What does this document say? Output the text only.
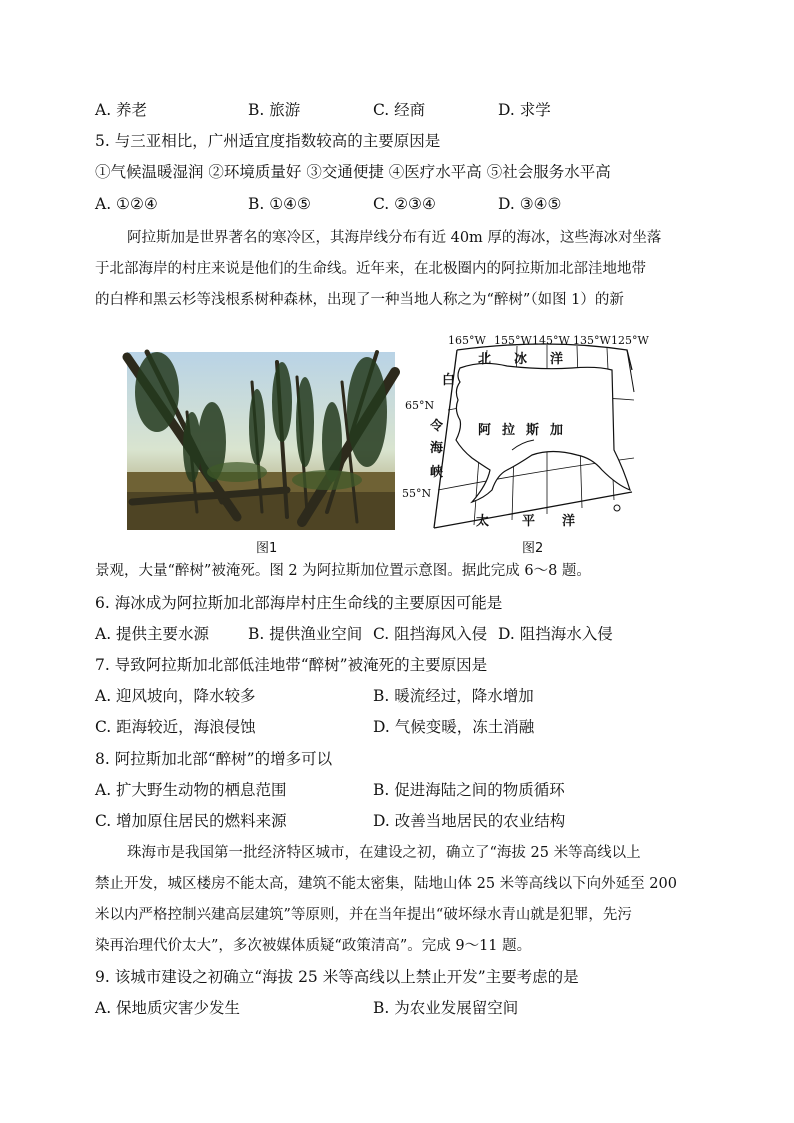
A. 养老	B. 旅游	C. 经商	D. 求学
5. 与三亚相比，广州适宜度指数较高的主要原因是
①气候温暖湿润 ②环境质量好 ③交通便捷 ④医疗水平高 ⑤社会服务水平高
A. ①②④	B. ①④⑤	C. ②③④	D. ③④⑤
阿拉斯加是世界著名的寒冷区，其海岸线分布有近 40m 厚的海冰，这些海冰对坐落
于北部海岸的村庄来说是他们的生命线。近年来，在北极圈内的阿拉斯加北部洼地地带
的白桦和黑云杉等浅根系树种森林，出现了一种当地人称之为“醉树”（如图 1）的新
165°W 155°W 145°W 135°W 125°W
65°N
55°N
北 冰 洋
白
令
海
峡
阿 拉 斯 加
太	平 洋
图1	图2
景观，大量“醉树”被淹死。图 2 为阿拉斯加位置示意图。据此完成 6～8 题。
6. 海冰成为阿拉斯加北部海岸村庄生命线的主要原因可能是
A. 提供主要水源	B. 提供渔业空间 C. 阻挡海风入侵 D. 阻挡海水入侵
7. 导致阿拉斯加北部低洼地带“醉树”被淹死的主要原因是
A. 迎风坡向，降水较多	B. 暖流经过，降水增加
C. 距海较近，海浪侵蚀	D. 气候变暖，冻土消融
8. 阿拉斯加北部“醉树”的增多可以
A. 扩大野生动物的栖息范围	B. 促进海陆之间的物质循环
C. 增加原住居民的燃料来源	D. 改善当地居民的农业结构
珠海市是我国第一批经济特区城市，在建设之初，确立了“海拔 25 米等高线以上
禁止开发，城区楼房不能太高，建筑不能太密集，陆地山体 25 米等高线以下向外延至 200
米以内严格控制兴建高层建筑”等原则，并在当年提出“破坏绿水青山就是犯罪，先污
染再治理代价太大”，多次被媒体质疑“政策清高”。完成 9～11 题。
9. 该城市建设之初确立“海拔 25 米等高线以上禁止开发”主要考虑的是
A. 保地质灾害少发生	B. 为农业发展留空间
